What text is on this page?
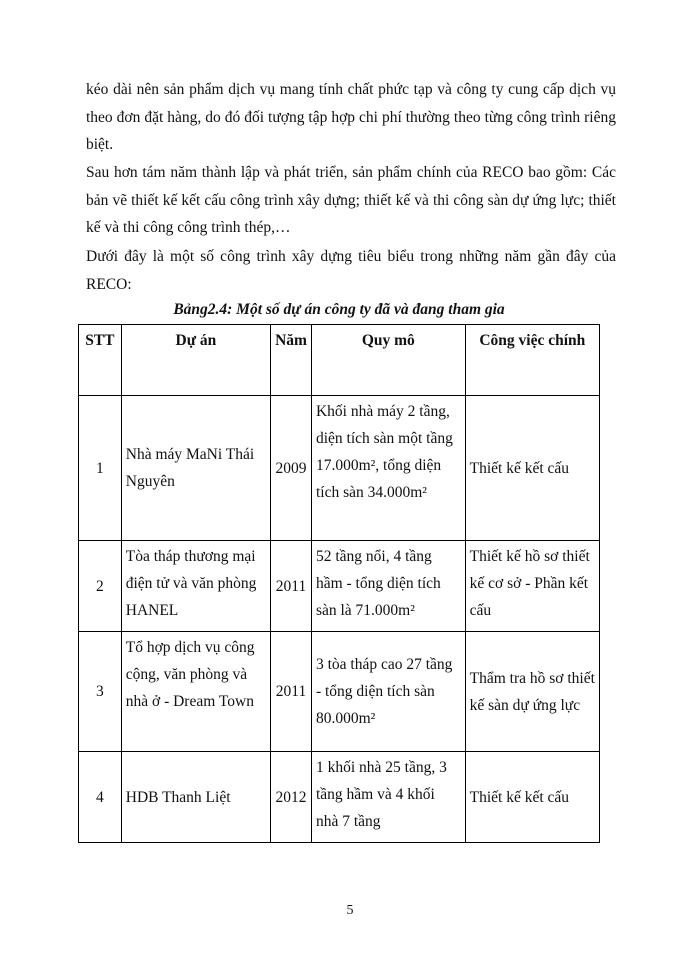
kéo dài nên sản phẩm dịch vụ mang tính chất phức tạp và công ty cung cấp dịch vụ theo đơn đặt hàng, do đó đối tượng tập hợp chi phí thường theo từng công trình riêng biệt.

Sau hơn tám năm thành lập và phát triển, sản phẩm chính của RECO bao gồm: Các bản vẽ thiết kế kết cấu công trình xây dựng; thiết kế và thi công sàn dự ứng lực; thiết kế và thi công công trình thép,…

Dưới đây là một số công trình xây dựng tiêu biểu trong những năm gần đây của RECO:

Bảng2.4: Một số dự án công ty đã và đang tham gia

STT	Dự án	Năm	Quy mô	Công việc chính
1	Nhà máy MaNi Thái Nguyên	2009	Khối nhà máy 2 tầng, diện tích sàn một tầng 17.000m², tổng diện tích sàn 34.000m²	Thiết kế kết cấu
2	Tòa tháp thương mại điện tử và văn phòng HANEL	2011	52 tầng nổi, 4 tầng hầm - tổng diện tích sàn là 71.000m²	Thiết kế hồ sơ thiết kế cơ sở - Phần kết cấu
3	Tổ hợp dịch vụ công cộng, văn phòng và nhà ở - Dream Town	2011	3 tòa tháp cao 27 tầng - tổng diện tích sàn 80.000m²	Thẩm tra hồ sơ thiết kế sàn dự ứng lực
4	HDB Thanh Liệt	2012	1 khối nhà 25 tầng, 3 tầng hầm và 4 khối nhà 7 tầng	Thiết kế kết cấu
5
